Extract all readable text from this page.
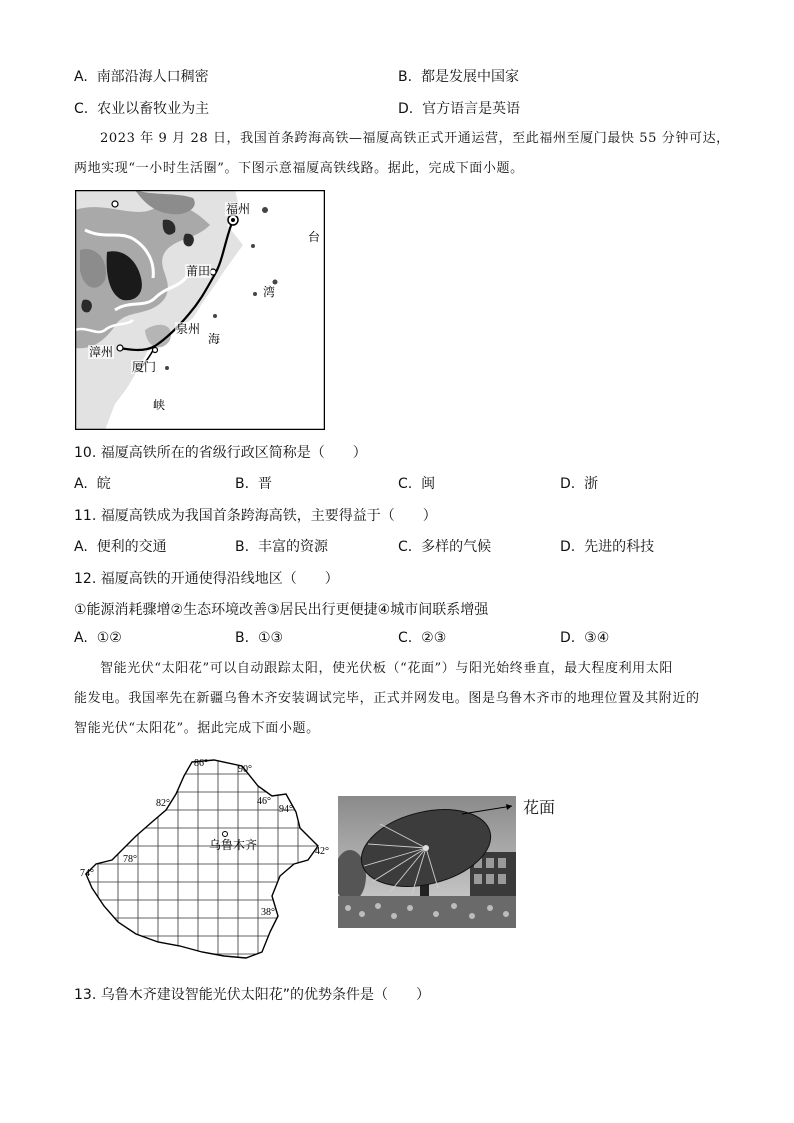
A. 南部沿海人口稠密	B. 都是发展中国家
C. 农业以畜牧业为主	D. 官方语言是英语
2023 年 9 月 28 日，我国首条跨海高铁—福厦高铁正式开通运营，至此福州至厦门最快 55 分钟可达，
两地实现“一小时生活圈”。下图示意福厦高铁线路。据此，完成下面小题。
福州
莆田
泉州
漳州
厦门
台
湾
海
峡
10. 福厦高铁所在的省级行政区简称是（　　）
A. 皖	B. 晋	C. 闽	D. 浙
11. 福厦高铁成为我国首条跨海高铁，主要得益于（　　）
A. 便利的交通	B. 丰富的资源	C. 多样的气候	D. 先进的科技
12. 福厦高铁的开通使得沿线地区（　　）
①能源消耗骤增②生态环境改善③居民出行更便捷④城市间联系增强
A. ①②	B. ①③	C. ②③	D. ③④
智能光伏“太阳花”可以自动跟踪太阳，使光伏板（“花面”）与阳光始终垂直，最大程度利用太阳
能发电。我国率先在新疆乌鲁木齐安装调试完毕，正式并网发电。图是乌鲁木齐市的地理位置及其附近的
智能光伏“太阳花”。据此完成下面小题。
乌鲁木齐
86°
90°
82°	46°
94°
78°
42°
74°
38°
花面
13. 乌鲁木齐建设智能光伏太阳花”的优势条件是（　　）
